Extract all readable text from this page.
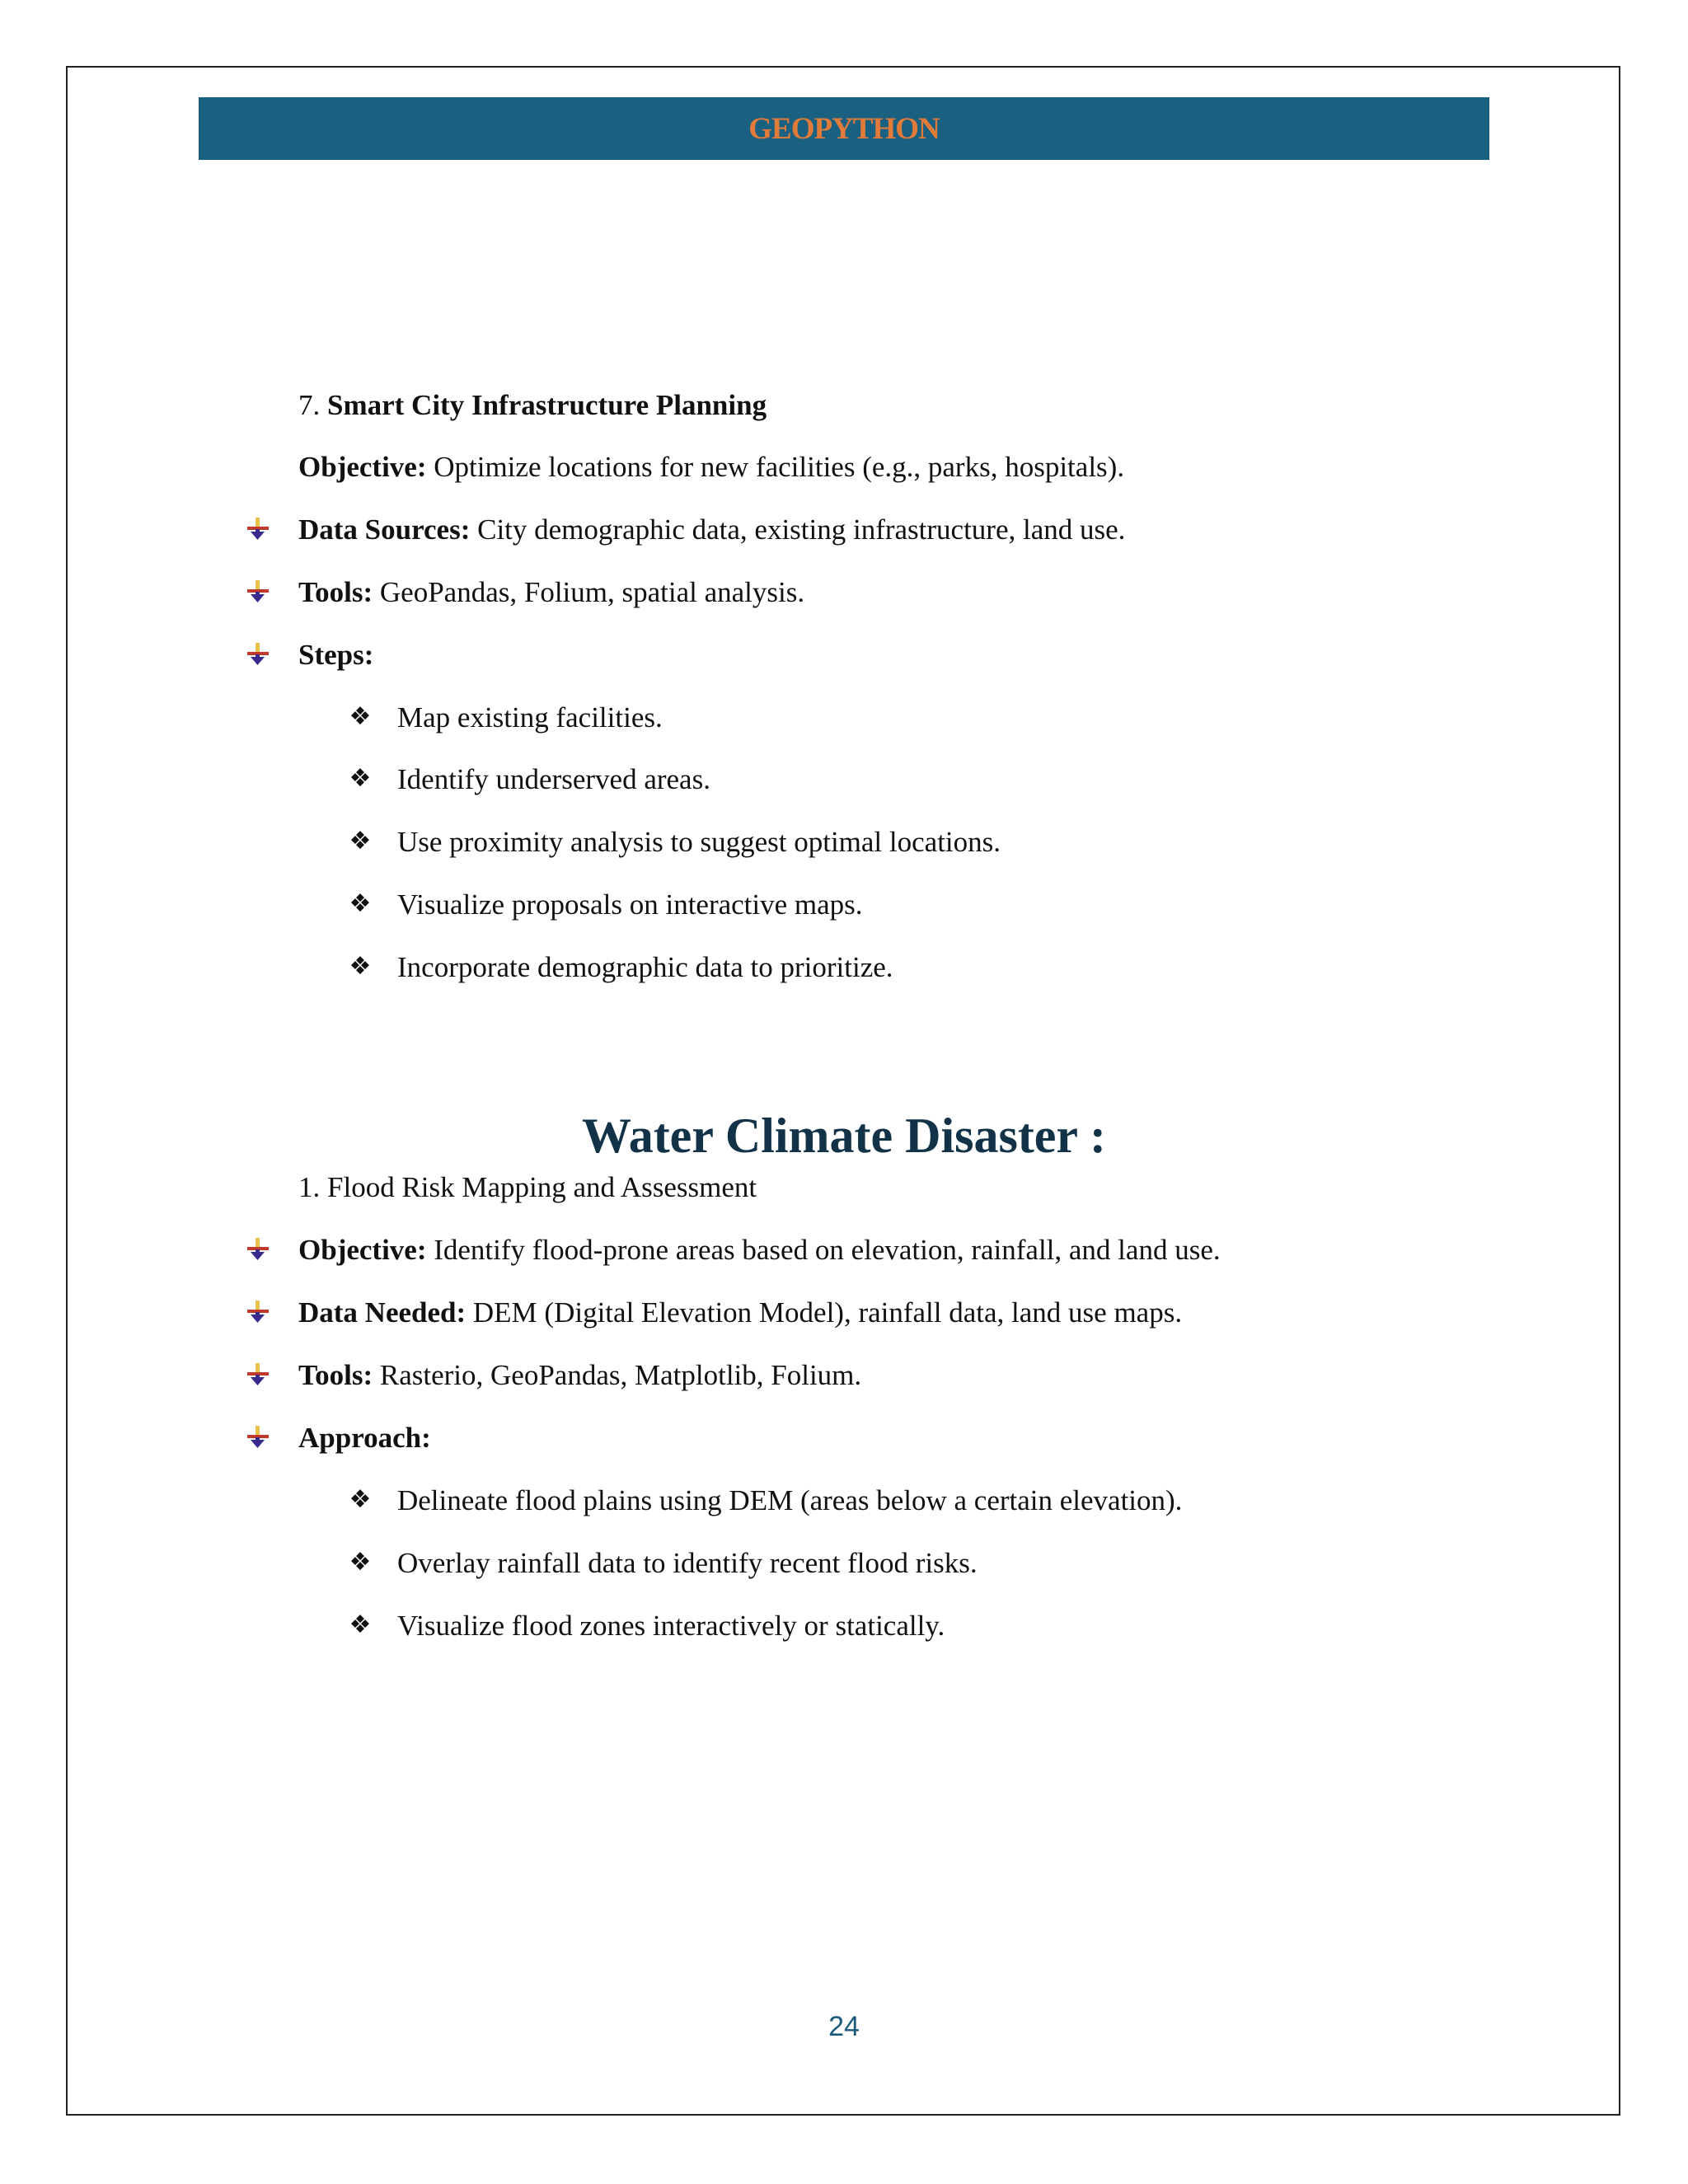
GEOPYTHON
7. Smart City Infrastructure Planning
Objective: Optimize locations for new facilities (e.g., parks, hospitals).
Data Sources: City demographic data, existing infrastructure, land use.
Tools: GeoPandas, Folium, spatial analysis.
Steps:
❖ Map existing facilities.
❖ Identify underserved areas.
❖ Use proximity analysis to suggest optimal locations.
❖ Visualize proposals on interactive maps.
❖ Incorporate demographic data to prioritize.
Water Climate Disaster :
1. Flood Risk Mapping and Assessment
Objective: Identify flood-prone areas based on elevation, rainfall, and land use.
Data Needed: DEM (Digital Elevation Model), rainfall data, land use maps.
Tools: Rasterio, GeoPandas, Matplotlib, Folium.
Approach:
❖ Delineate flood plains using DEM (areas below a certain elevation).
❖ Overlay rainfall data to identify recent flood risks.
❖ Visualize flood zones interactively or statically.
24
